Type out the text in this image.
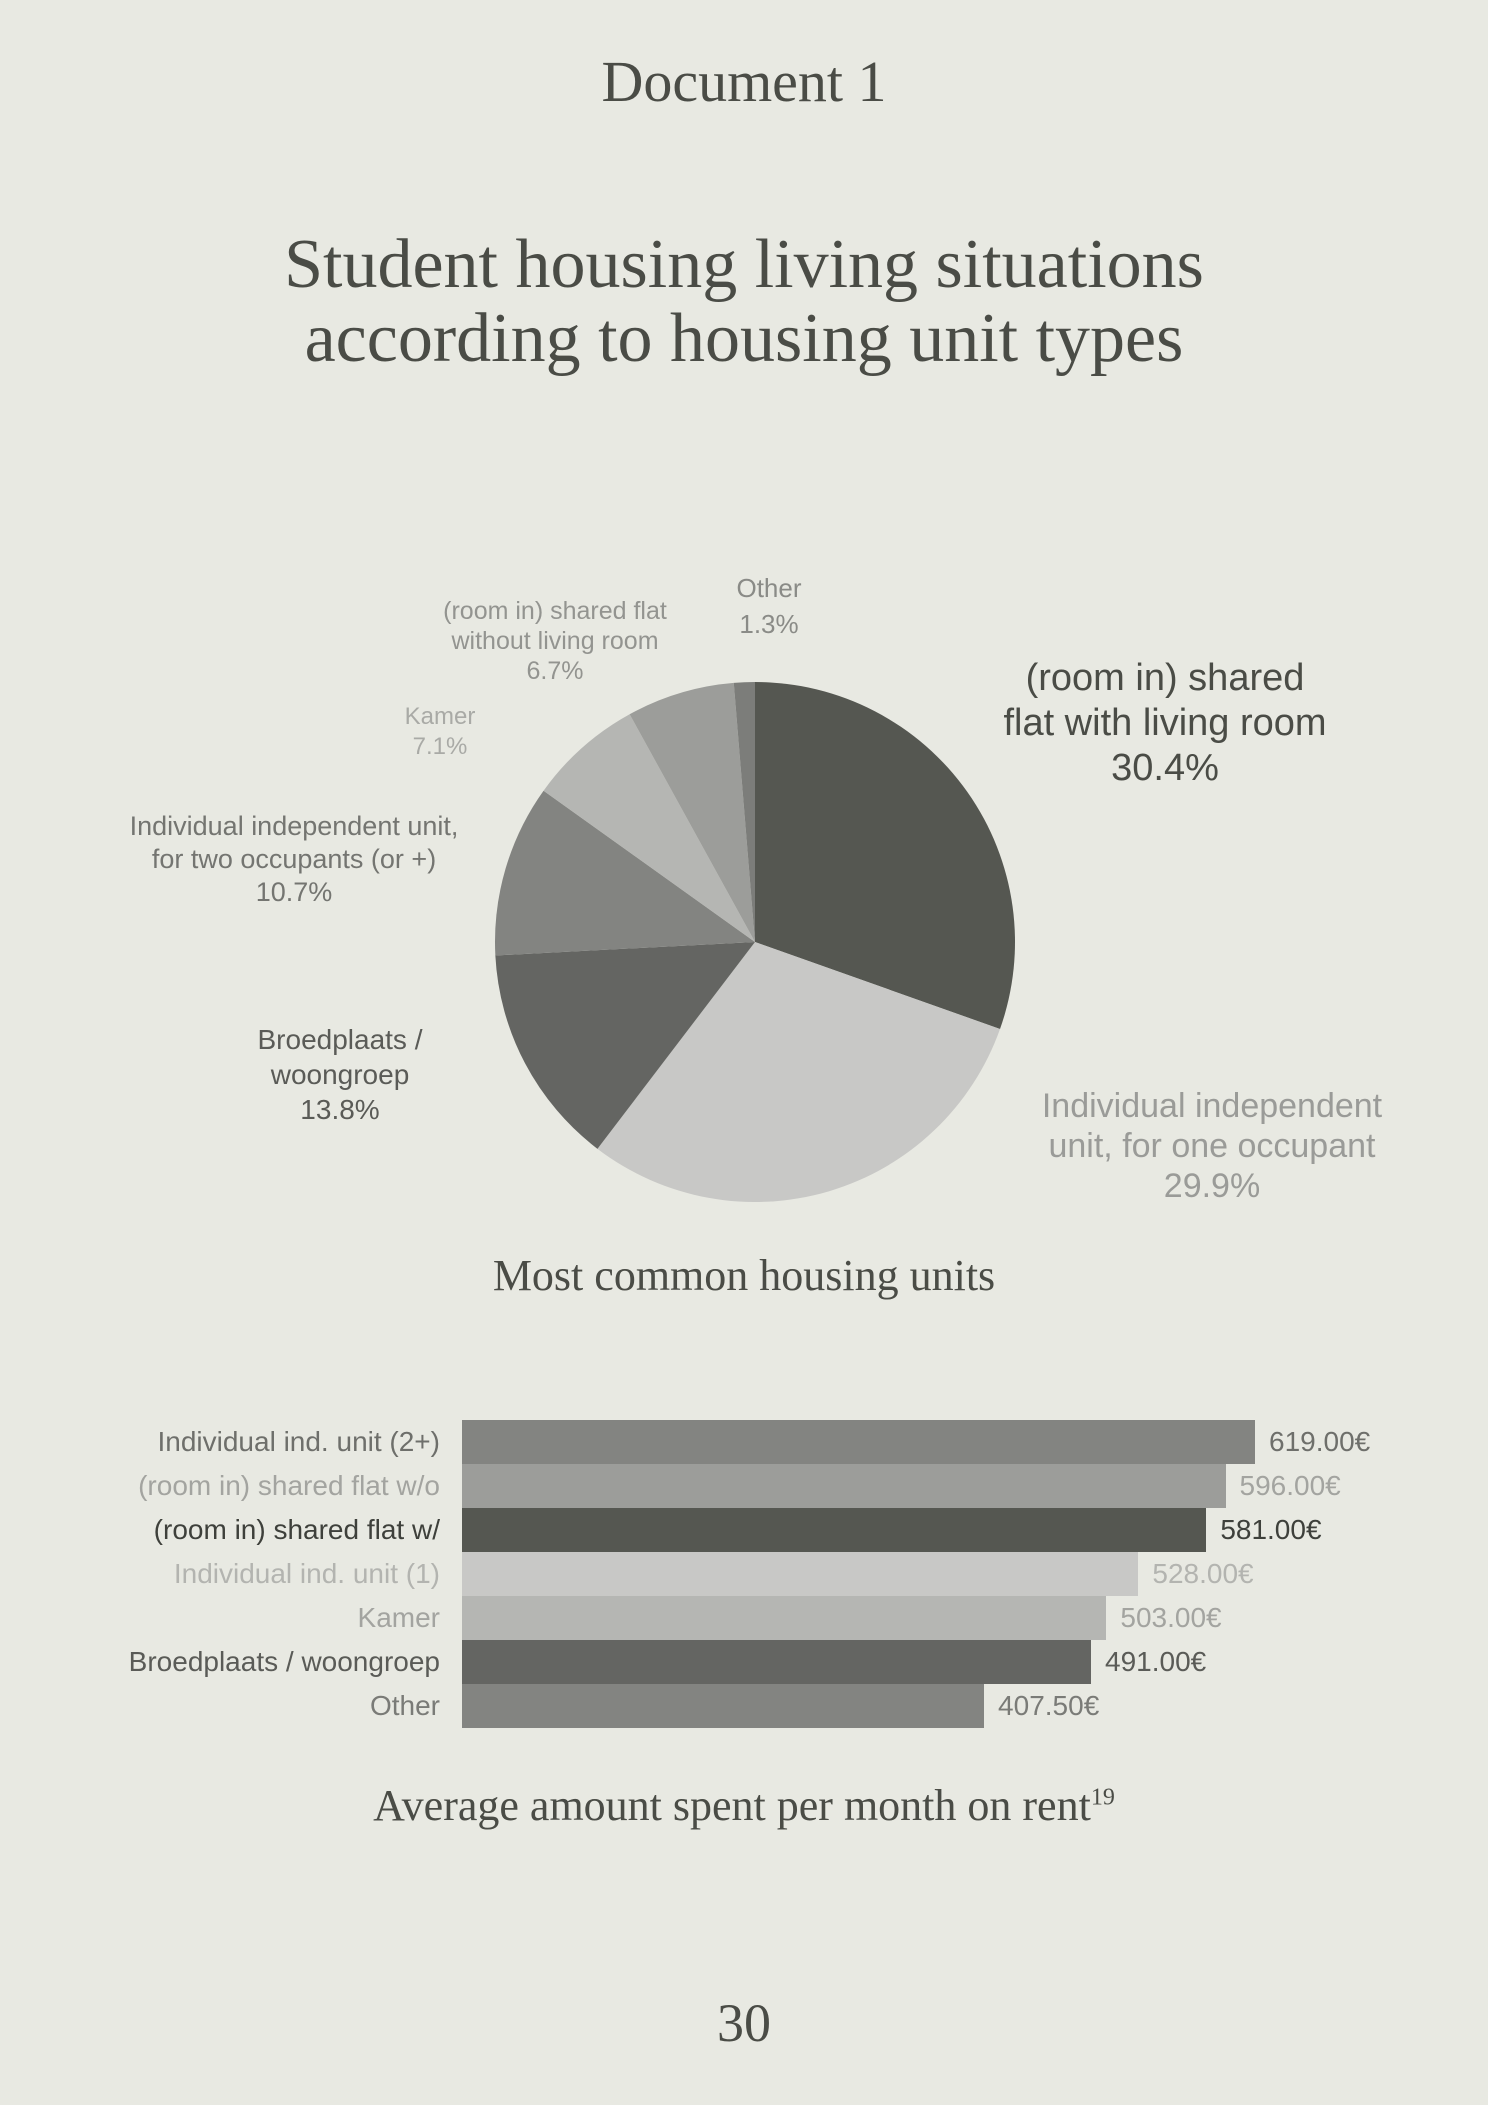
Document 1
Student housing living situations
according to housing unit types
(room in) shared
flat with living room
30.4%
Individual independent
unit, for one occupant
29.9%
Broedplaats /
woongroep
13.8%
Individual independent unit,
for two occupants (or +)
10.7%
Kamer
7.1%
(room in) shared flat
without living room
6.7%
Other
1.3%
Most common housing units
Individual ind. unit (2+)	619.00€
(room in) shared flat w/o	596.00€
(room in) shared flat w/	581.00€
Individual ind. unit (1)	528.00€
Kamer	503.00€
Broedplaats / woongroep	491.00€
Other	407.50€
Average amount spent per month on rent$^{19}$
30
